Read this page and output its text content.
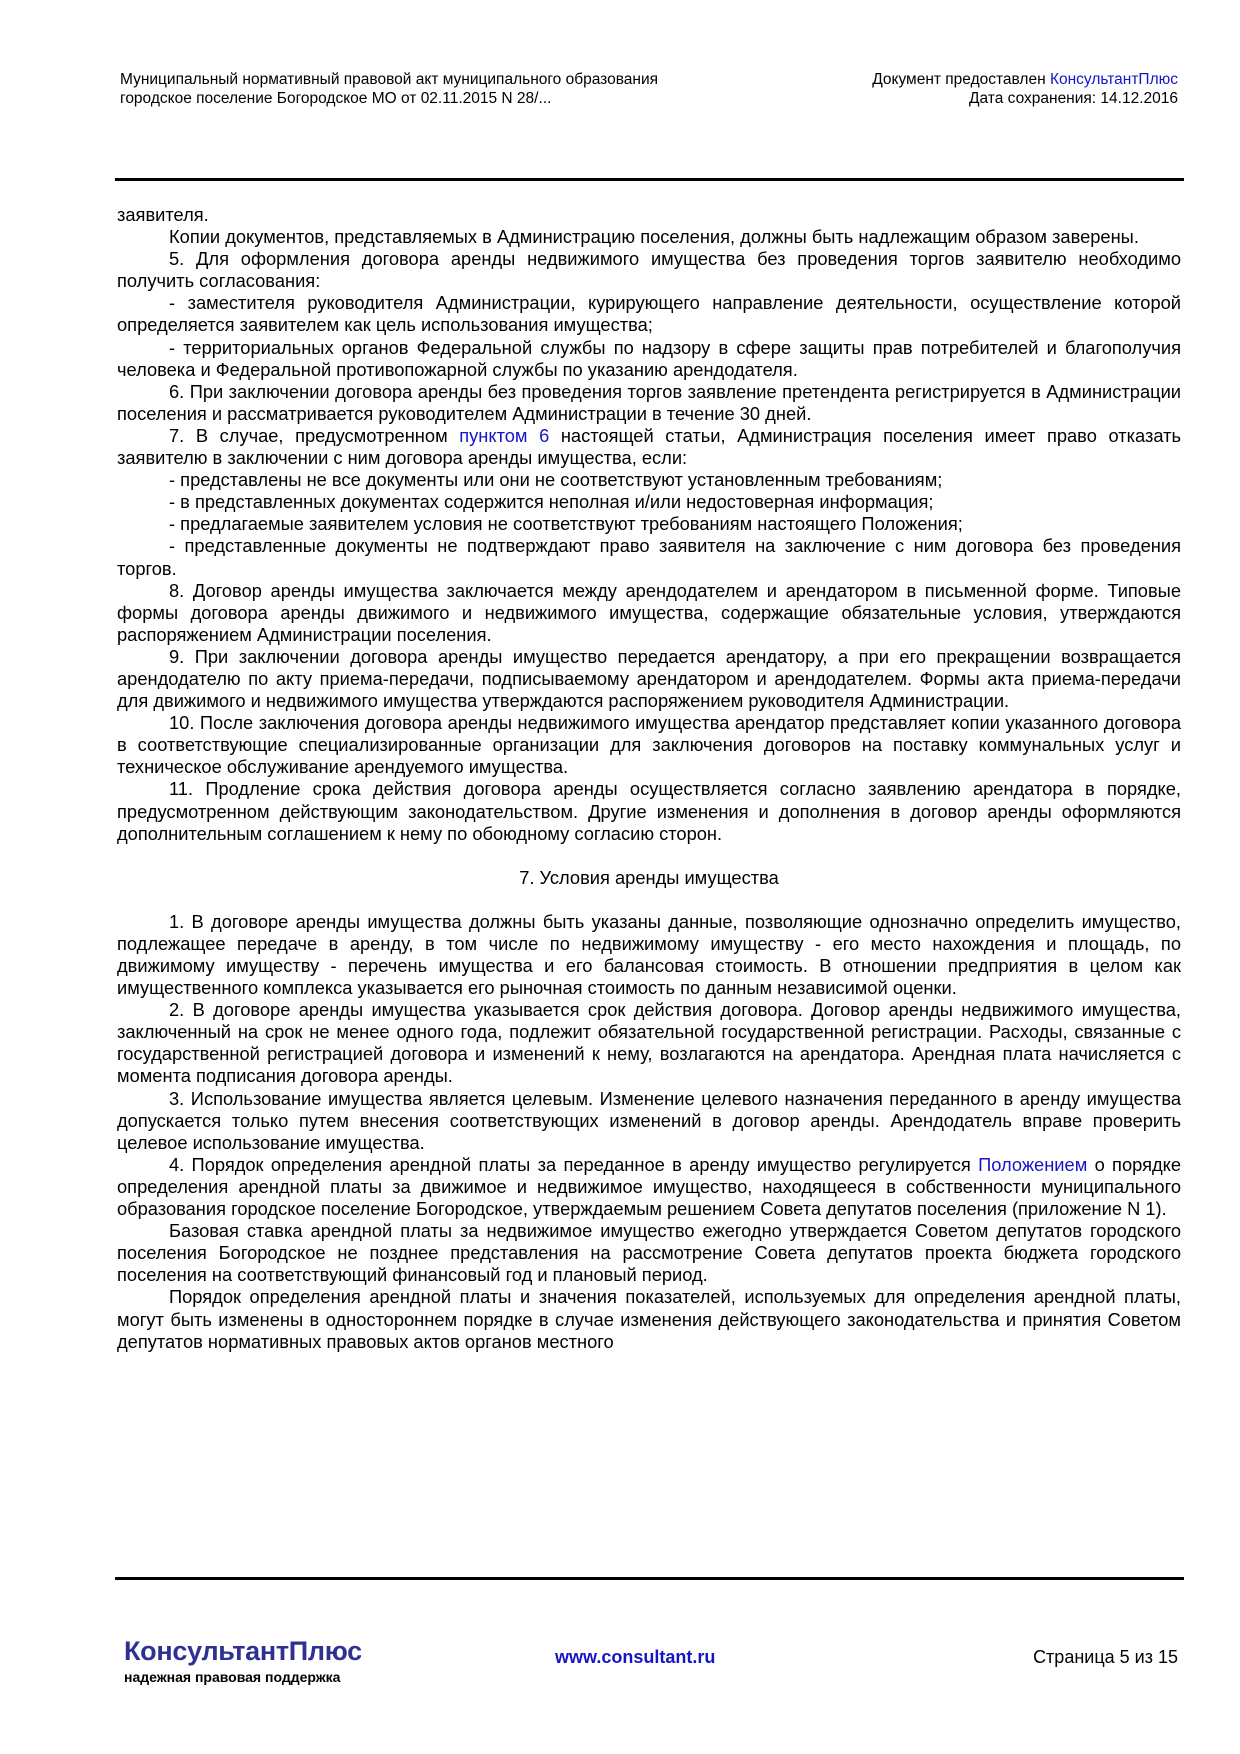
Муниципальный нормативный правовой акт муниципального образования
городское поселение Богородское МО от 02.11.2015 N 28/...
Документ предоставлен КонсультантПлюс
Дата сохранения: 14.12.2016

заявителя.

Копии документов, представляемых в Администрацию поселения, должны быть надлежащим образом заверены.

5. Для оформления договора аренды недвижимого имущества без проведения торгов заявителю необходимо получить согласования:

- заместителя руководителя Администрации, курирующего направление деятельности, осуществление которой определяется заявителем как цель использования имущества;

- территориальных органов Федеральной службы по надзору в сфере защиты прав потребителей и благополучия человека и Федеральной противопожарной службы по указанию арендодателя.

6. При заключении договора аренды без проведения торгов заявление претендента регистрируется в Администрации поселения и рассматривается руководителем Администрации в течение 30 дней.

7. В случае, предусмотренном пунктом 6 настоящей статьи, Администрация поселения имеет право отказать заявителю в заключении с ним договора аренды имущества, если:

- представлены не все документы или они не соответствуют установленным требованиям;

- в представленных документах содержится неполная и/или недостоверная информация;

- предлагаемые заявителем условия не соответствуют требованиям настоящего Положения;

- представленные документы не подтверждают право заявителя на заключение с ним договора без проведения торгов.

8. Договор аренды имущества заключается между арендодателем и арендатором в письменной форме. Типовые формы договора аренды движимого и недвижимого имущества, содержащие обязательные условия, утверждаются распоряжением Администрации поселения.

9. При заключении договора аренды имущество передается арендатору, а при его прекращении возвращается арендодателю по акту приема-передачи, подписываемому арендатором и арендодателем. Формы акта приема-передачи для движимого и недвижимого имущества утверждаются распоряжением руководителя Администрации.

10. После заключения договора аренды недвижимого имущества арендатор представляет копии указанного договора в соответствующие специализированные организации для заключения договоров на поставку коммунальных услуг и техническое обслуживание арендуемого имущества.

11. Продление срока действия договора аренды осуществляется согласно заявлению арендатора в порядке, предусмотренном действующим законодательством. Другие изменения и дополнения в договор аренды оформляются дополнительным соглашением к нему по обоюдному согласию сторон.

7. Условия аренды имущества

1. В договоре аренды имущества должны быть указаны данные, позволяющие однозначно определить имущество, подлежащее передаче в аренду, в том числе по недвижимому имуществу - его место нахождения и площадь, по движимому имуществу - перечень имущества и его балансовая стоимость. В отношении предприятия в целом как имущественного комплекса указывается его рыночная стоимость по данным независимой оценки.

2. В договоре аренды имущества указывается срок действия договора. Договор аренды недвижимого имущества, заключенный на срок не менее одного года, подлежит обязательной государственной регистрации. Расходы, связанные с государственной регистрацией договора и изменений к нему, возлагаются на арендатора. Арендная плата начисляется с момента подписания договора аренды.

3. Использование имущества является целевым. Изменение целевого назначения переданного в аренду имущества допускается только путем внесения соответствующих изменений в договор аренды. Арендодатель вправе проверить целевое использование имущества.

4. Порядок определения арендной платы за переданное в аренду имущество регулируется Положением о порядке определения арендной платы за движимое и недвижимое имущество, находящееся в собственности муниципального образования городское поселение Богородское, утверждаемым решением Совета депутатов поселения (приложение N 1).

Базовая ставка арендной платы за недвижимое имущество ежегодно утверждается Советом депутатов городского поселения Богородское не позднее представления на рассмотрение Совета депутатов проекта бюджета городского поселения на соответствующий финансовый год и плановый период.

Порядок определения арендной платы и значения показателей, используемых для определения арендной платы, могут быть изменены в одностороннем порядке в случае изменения действующего законодательства и принятия Советом депутатов нормативных правовых актов органов местного

КонсультантПлюс
надежная правовая поддержка
www.consultant.ru	Страница 5 из 15
